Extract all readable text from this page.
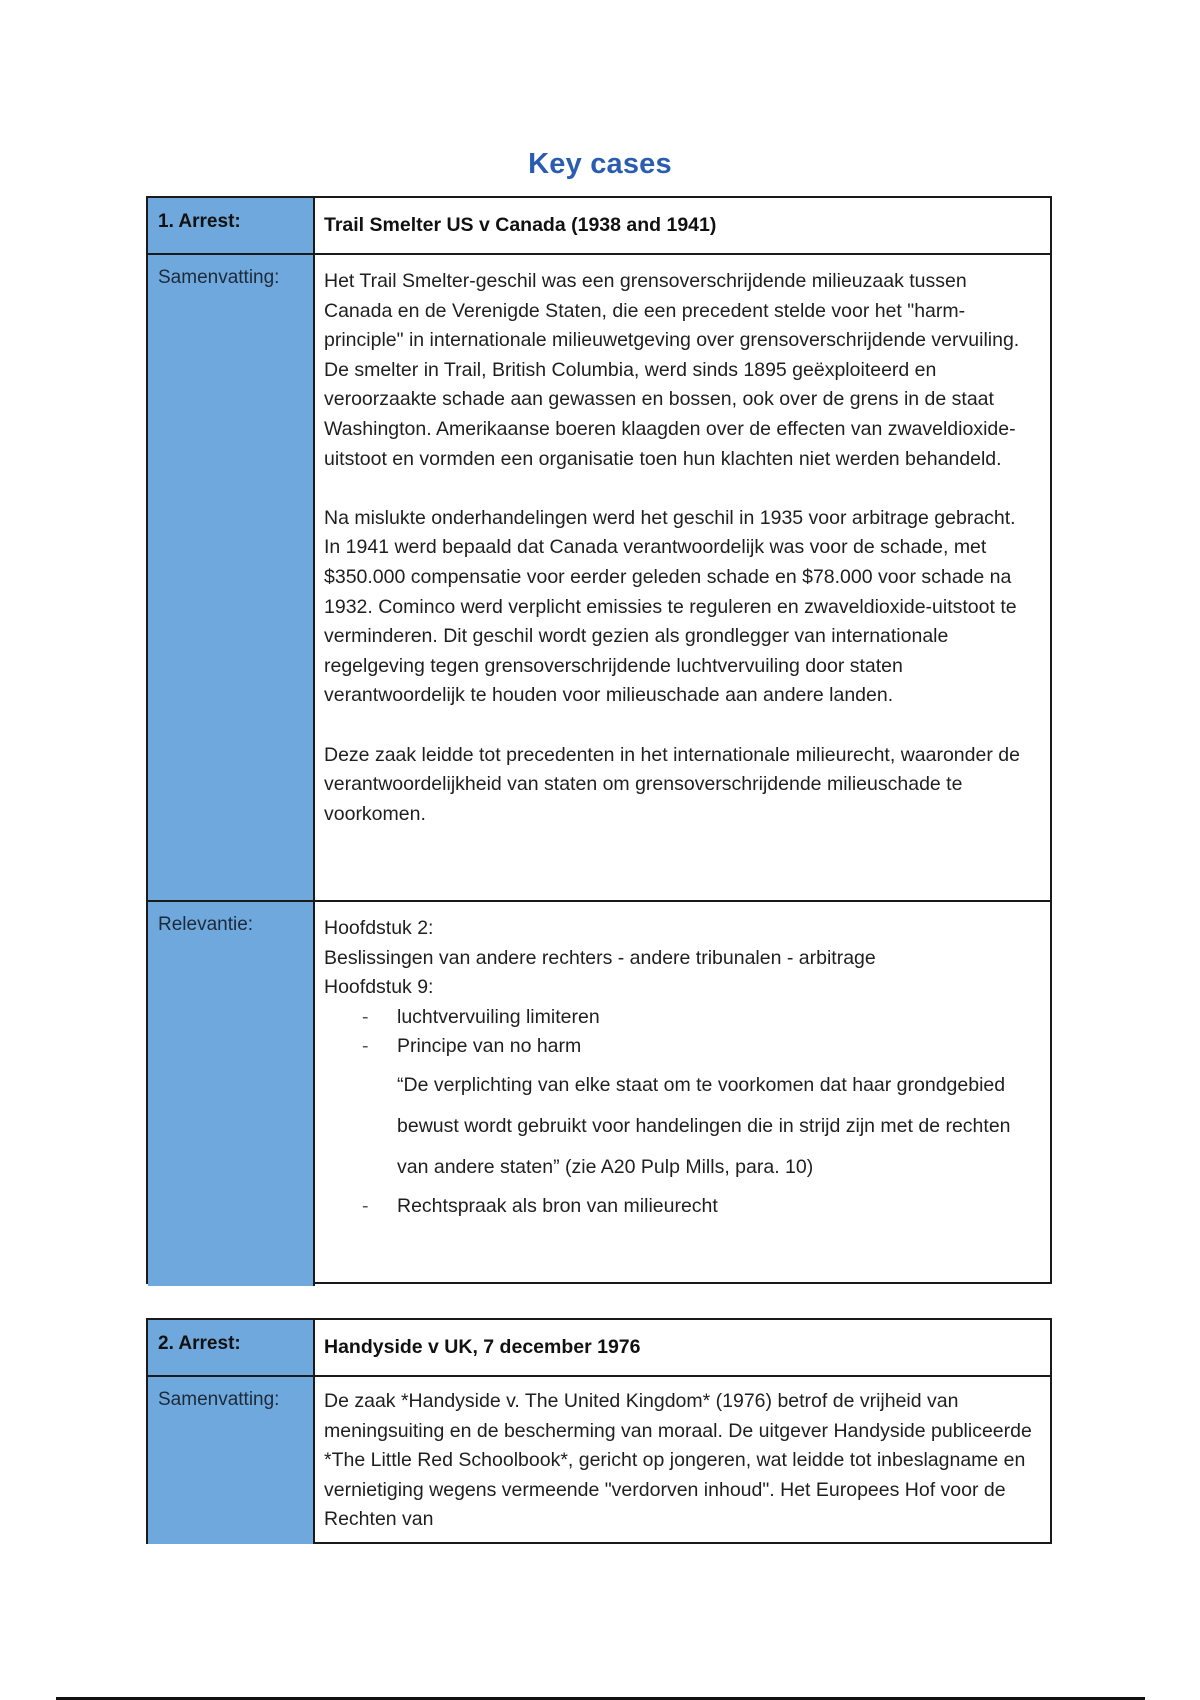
Key cases
1. Arrest:	Trail Smelter US v Canada (1938 and 1941)
Samenvatting:	Het Trail Smelter-geschil was een grensoverschrijdende milieuzaak tussen Canada en de Verenigde Staten, die een precedent stelde voor het "harm-principle" in internationale milieuwetgeving over grensoverschrijdende vervuiling. De smelter in Trail, British Columbia, werd sinds 1895 geëxploiteerd en veroorzaakte schade aan gewassen en bossen, ook over de grens in de staat Washington. Amerikaanse boeren klaagden over de effecten van zwaveldioxide-uitstoot en vormden een organisatie toen hun klachten niet werden behandeld.

Na mislukte onderhandelingen werd het geschil in 1935 voor arbitrage gebracht. In 1941 werd bepaald dat Canada verantwoordelijk was voor de schade, met $350.000 compensatie voor eerder geleden schade en $78.000 voor schade na 1932. Cominco werd verplicht emissies te reguleren en zwaveldioxide-uitstoot te verminderen. Dit geschil wordt gezien als grondlegger van internationale regelgeving tegen grensoverschrijdende luchtvervuiling door staten verantwoordelijk te houden voor milieuschade aan andere landen.

Deze zaak leidde tot precedenten in het internationale milieurecht, waaronder de verantwoordelijkheid van staten om grensoverschrijdende milieuschade te voorkomen.

Relevantie:	Hoofdstuk 2:

Beslissingen van andere rechters - andere tribunalen - arbitrage

Hoofdstuk 9:

- luchtvervuiling limiteren
- Principe van no harm
“De verplichting van elke staat om te voorkomen dat haar grondgebied bewust wordt gebruikt voor handelingen die in strijd zijn met de rechten van andere staten” (zie A20 Pulp Mills, para. 10)
- Rechtspraak als bron van milieurecht
2. Arrest:	Handyside v UK, 7 december 1976
Samenvatting:	De zaak *Handyside v. The United Kingdom* (1976) betrof de vrijheid van meningsuiting en de bescherming van moraal. De uitgever Handyside publiceerde *The Little Red Schoolbook*, gericht op jongeren, wat leidde tot inbeslagname en vernietiging wegens vermeende "verdorven inhoud". Het Europees Hof voor de Rechten van
